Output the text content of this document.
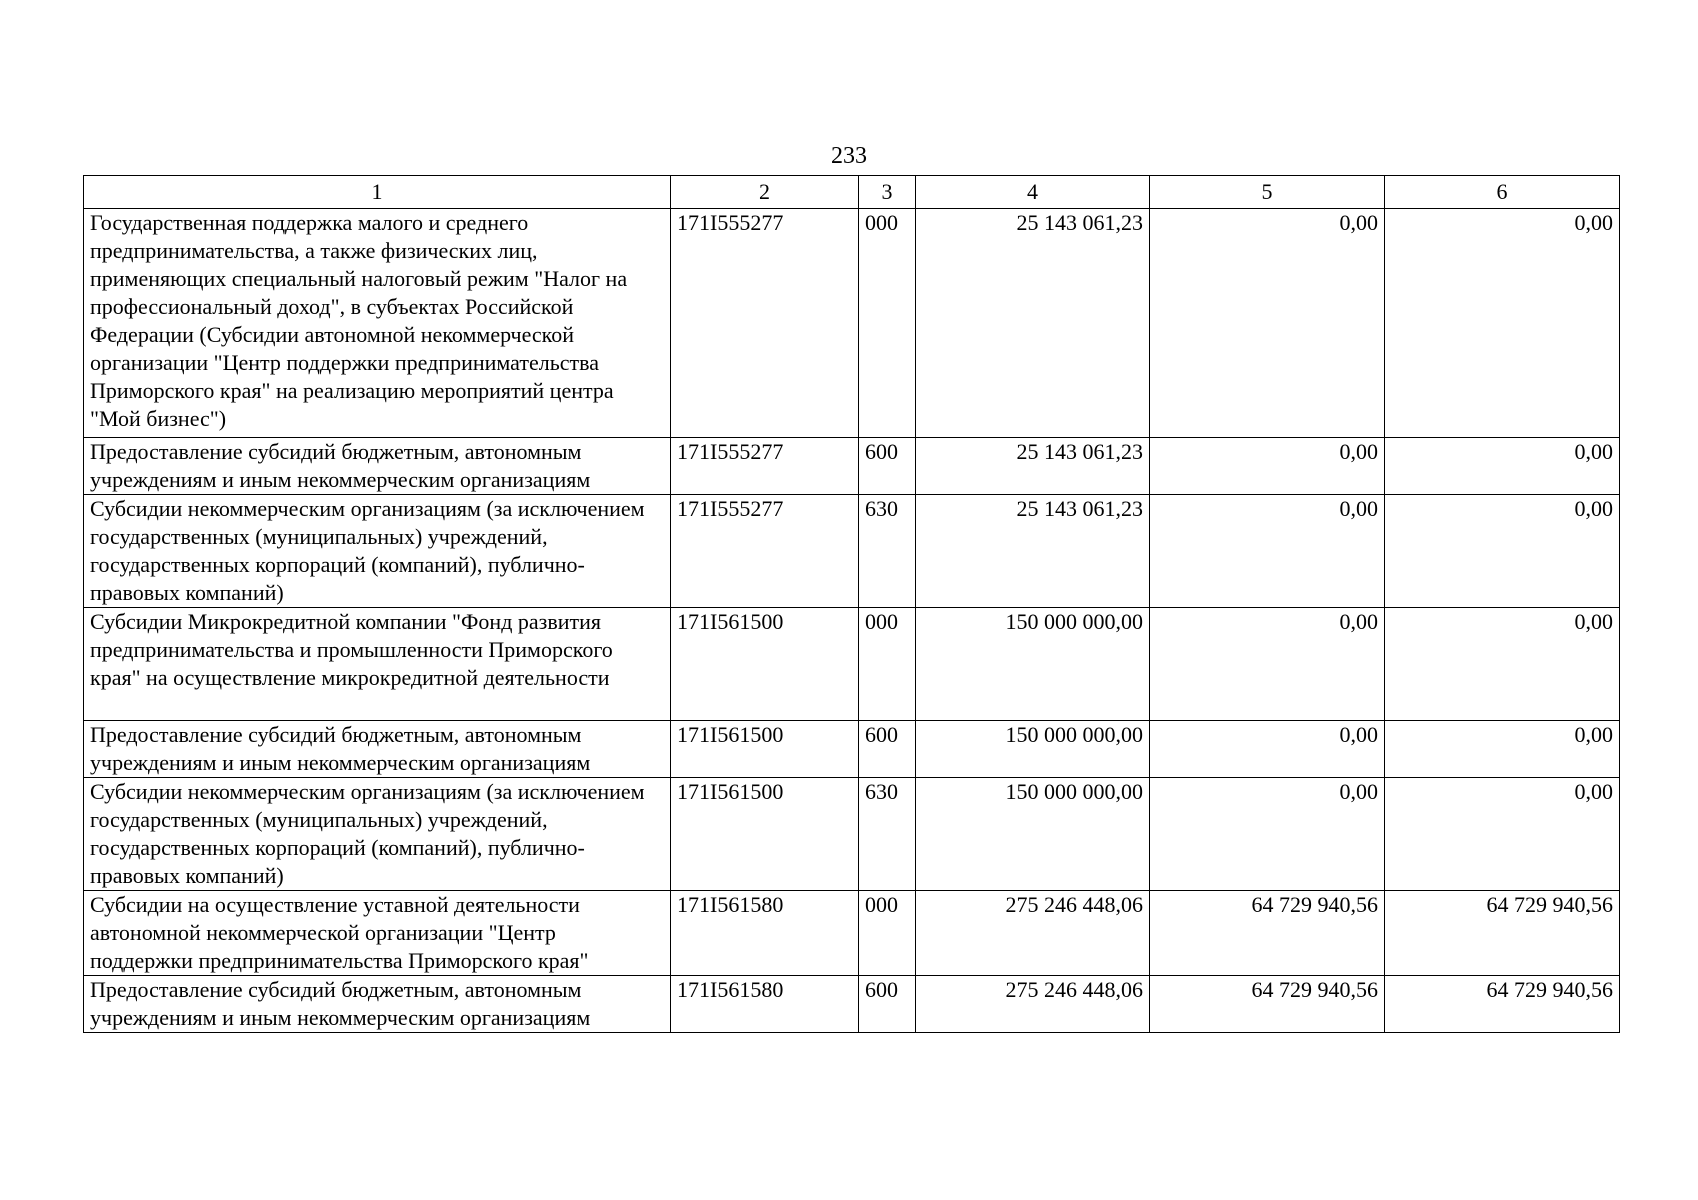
233
1	2	3	4	5	6
Государственная поддержка малого и среднего предпринимательства, а также физических лиц, применяющих специальный налоговый режим "Налог на профессиональный доход", в субъектах Российской Федерации (Субсидии автономной некоммерческой организации "Центр поддержки предпринимательства Приморского края" на реализацию мероприятий центра "Мой бизнес")	171I555277	000	25 143 061,23	0,00	0,00
Предоставление субсидий бюджетным, автономным учреждениям и иным некоммерческим организациям	171I555277	600	25 143 061,23	0,00	0,00
Субсидии некоммерческим организациям (за исключением государственных (муниципальных) учреждений, государственных корпораций (компаний), публично-правовых компаний)	171I555277	630	25 143 061,23	0,00	0,00
Субсидии Микрокредитной компании "Фонд развития предпринимательства и промышленности Приморского края" на осуществление микрокредитной деятельности	171I561500	000	150 000 000,00	0,00	0,00
Предоставление субсидий бюджетным, автономным учреждениям и иным некоммерческим организациям	171I561500	600	150 000 000,00	0,00	0,00
Субсидии некоммерческим организациям (за исключением государственных (муниципальных) учреждений, государственных корпораций (компаний), публично-правовых компаний)	171I561500	630	150 000 000,00	0,00	0,00
Субсидии на осуществление уставной деятельности автономной некоммерческой организации "Центр поддержки предпринимательства Приморского края"	171I561580	000	275 246 448,06	64 729 940,56	64 729 940,56
Предоставление субсидий бюджетным, автономным учреждениям и иным некоммерческим организациям	171I561580	600	275 246 448,06	64 729 940,56	64 729 940,56
